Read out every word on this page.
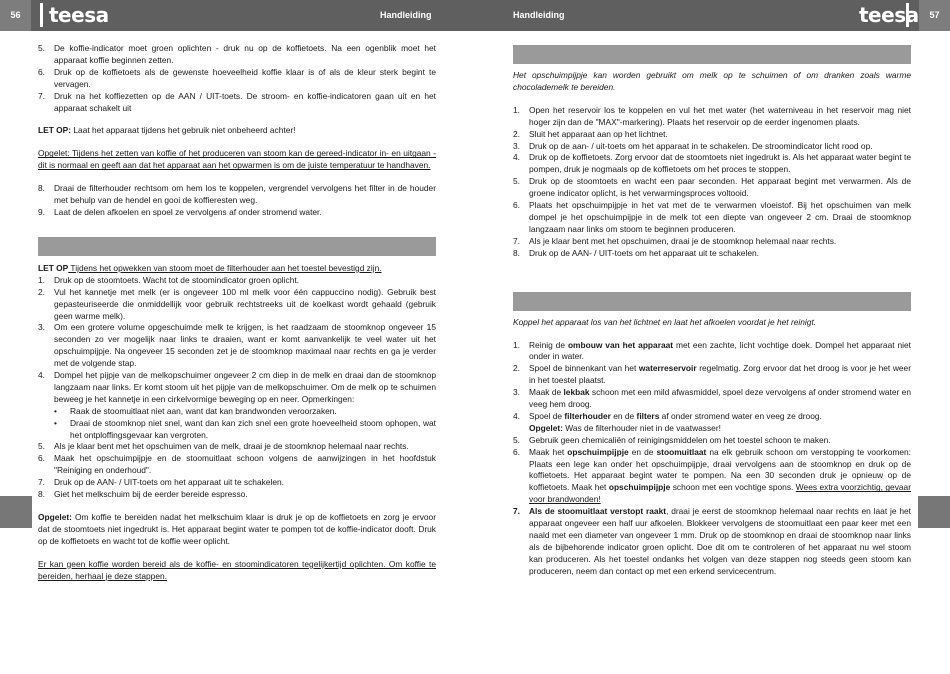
56	57
teesa	teesa
Handleiding	Handleiding
5.	De koffie-indicator moet groen oplichten - druk nu op de koffietoets. Na een ogenblik moet het apparaat koffie beginnen zetten.
6.	Druk op de koffietoets als de gewenste hoeveelheid koffie klaar is of als de kleur sterk begint te vervagen.
7.	Druk na het koffiezetten op de AAN / UIT-toets. De stroom- en koffie-indicatoren gaan uit en het apparaat schakelt uit

LET OP: Laat het apparaat tijdens het gebruik niet onbeheerd achter!

Opgelet: Tijdens het zetten van koffie of het produceren van stoom kan de gereed-indicator in- en uitgaan - dit is normaal en geeft aan dat het apparaat aan het opwarmen is om de juiste temperatuur te handhaven.

8.	Draai de filterhouder rechtsom om hem los te koppelen, vergrendel vervolgens het filter in de houder met behulp van de hendel en gooi de koffieresten weg.
9.	Laat de delen afkoelen en spoel ze vervolgens af onder stromend water.

LET OP Tijdens het opwekken van stoom moet de filterhouder aan het toestel bevestigd zijn.

1.	Druk op de stoomtoets. Wacht tot de stoomindicator groen oplicht.
2.	Vul het kannetje met melk (er is ongeveer 100 ml melk voor één cappuccino nodig). Gebruik best gepasteuriseerde die onmiddellijk voor gebruik rechtstreeks uit de koelkast wordt gehaald (gebruik geen warme melk).
3.	Om een grotere volume opgeschuimde melk te krijgen, is het raadzaam de stoomknop ongeveer 15 seconden zo ver mogelijk naar links te draaien, want er komt aanvankelijk te veel water uit het opschuimpijpje. Na ongeveer 15 seconden zet je de stoomknop maximaal naar rechts en ga je verder met de volgende stap.
4.	Dompel het pijpje van de melkopschuimer ongeveer 2 cm diep in de melk en draai dan de stoomknop langzaam naar links. Er komt stoom uit het pijpje van de melkopschuimer. Om de melk op te schuimen beweeg je het kannetje in een cirkelvormige beweging op en neer. Opmerkingen:
•	Raak de stoomuitlaat niet aan, want dat kan brandwonden veroorzaken.
•	Draai de stoomknop niet snel, want dan kan zich snel een grote hoeveelheid stoom ophopen, wat het ontploffingsgevaar kan vergroten.
5.	Als je klaar bent met het opschuimen van de melk, draai je de stoomknop helemaal naar rechts.
6.	Maak het opschuimpijpje en de stoomuitlaat schoon volgens de aanwijzingen in het hoofdstuk "Reiniging en onderhoud".
7.	Druk op de AAN- / UIT-toets om het apparaat uit te schakelen.
8.	Giet het melkschuim bij de eerder bereide espresso.

Opgelet: Om koffie te bereiden nadat het melkschuim klaar is druk je op de koffietoets en zorg je ervoor dat de stoomtoets niet ingedrukt is. Het apparaat begint water te pompen tot de koffie-indicator dooft. Druk op de koffietoets en wacht tot de koffie weer oplicht.

Er kan geen koffie worden bereid als de koffie- en stoomindicatoren tegelijkertijd oplichten. Om koffie te bereiden, herhaal je deze stappen.

Het opschuimpijpje kan worden gebruikt om melk op te schuimen of om dranken zoals warme chocolademelk te bereiden.

1.	Open het reservoir los te koppelen en vul het met water (het waterniveau in het reservoir mag niet hoger zijn dan de "MAX"-markering). Plaats het reservoir op de eerder ingenomen plaats.
2.	Sluit het apparaat aan op het lichtnet.
3.	Druk op de aan- / uit-toets om het apparaat in te schakelen. De stroomindicator licht rood op.
4.	Druk op de koffietoets. Zorg ervoor dat de stoomtoets niet ingedrukt is. Als het apparaat water begint te pompen, druk je nogmaals op de koffietoets om het proces te stoppen.
5.	Druk op de stoomtoets en wacht een paar seconden. Het apparaat begint met verwarmen. Als de groene indicator oplicht, is het verwarmingsproces voltooid.
6.	Plaats het opschuimpijpje in het vat met de te verwarmen vloeistof. Bij het opschuimen van melk dompel je het opschuimpijpje in de melk tot een diepte van ongeveer 2 cm. Draai de stoomknop langzaam naar links om stoom te beginnen produceren.
7.	Als je klaar bent met het opschuimen, draai je de stoomknop helemaal naar rechts.
8.	Druk op de AAN- / UIT-toets om het apparaat uit te schakelen.

Koppel het apparaat los van het lichtnet en laat het afkoelen voordat je het reinigt.

1.	Reinig de ombouw van het apparaat met een zachte, licht vochtige doek. Dompel het apparaat niet onder in water.
2.	Spoel de binnenkant van het waterreservoir regelmatig. Zorg ervoor dat het droog is voor je het weer in het toestel plaatst.
3.	Maak de lekbak schoon met een mild afwasmiddel, spoel deze vervolgens af onder stromend water en veeg hem droog.
4.	Spoel de filterhouder en de filters af onder stromend water en veeg ze droog.
Opgelet: Was de filterhouder niet in de vaatwasser!
5.	Gebruik geen chemicaliën of reinigingsmiddelen om het toestel schoon te maken.
6.	Maak het opschuimpijpje en de stoomuitlaat na elk gebruik schoon om verstopping te voorkomen: Plaats een lege kan onder het opschuimpijpje, draai vervolgens aan de stoomknop en druk op de koffietoets. Het apparaat begint water te pompen. Na een 30 seconden druk je opnieuw op de koffietoets. Maak het opschuimpijpje schoon met een vochtige spons. Wees extra voorzichtig, gevaar voor brandwonden!
7.	Als de stoomuitlaat verstopt raakt, draai je eerst de stoomknop helemaal naar rechts en laat je het apparaat ongeveer een half uur afkoelen. Blokkeer vervolgens de stoomuitlaat een paar keer met een naald met een diameter van ongeveer 1 mm. Druk op de stoomknop en draai de stoomknop naar links als de bijbehorende indicator groen oplicht. Doe dit om te controleren of het apparaat nu wel stoom kan produceren. Als het toestel ondanks het volgen van deze stappen nog steeds geen stoom kan produceren, neem dan contact op met een erkend servicecentrum.
